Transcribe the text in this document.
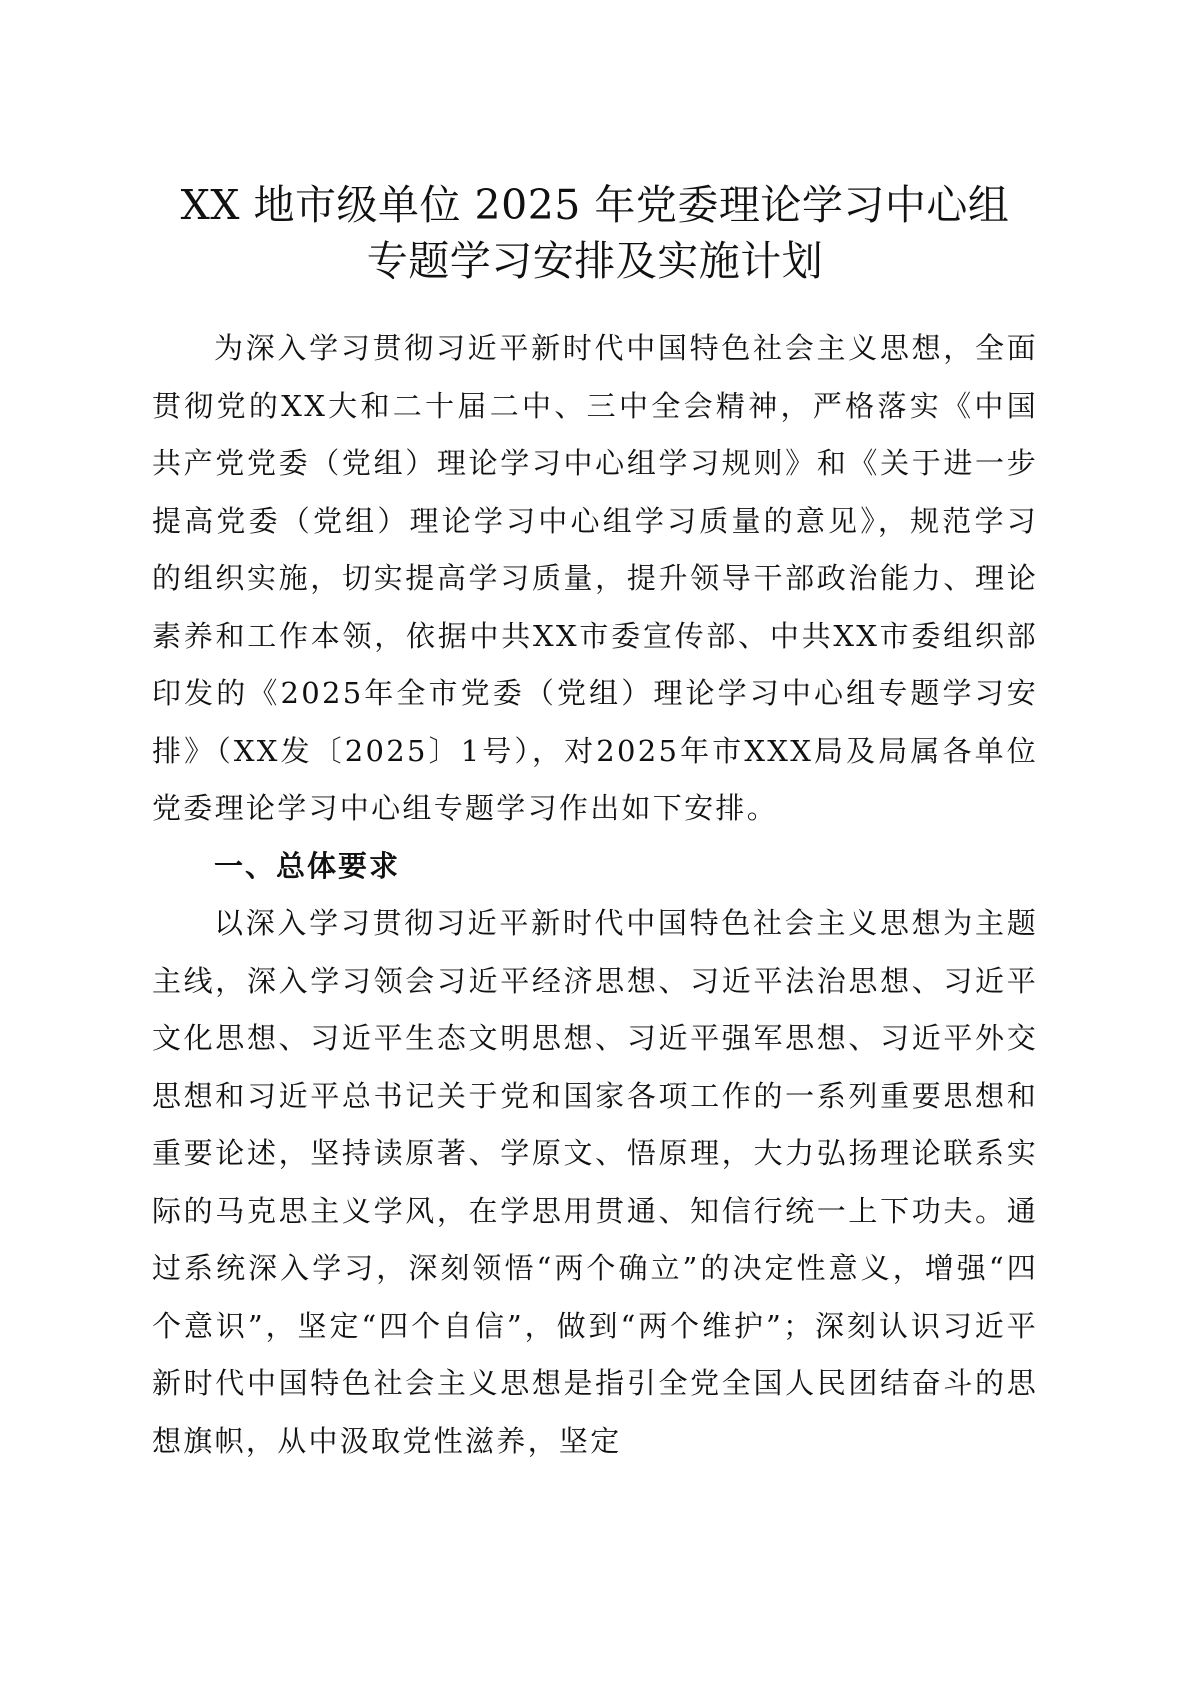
XX 地市级单位 2025 年党委理论学习中心组
专题学习安排及实施计划

为深入学习贯彻习近平新时代中国特色社会主义思想，全面贯彻党的XX大和二十届二中、三中全会精神，严格落实《中国共产党党委（党组）理论学习中心组学习规则》和《关于进一步提高党委（党组）理论学习中心组学习质量的意见》，规范学习的组织实施，切实提高学习质量，提升领导干部政治能力、理论素养和工作本领，依据中共XX市委宣传部、中共XX市委组织部印发的《2025年全市党委（党组）理论学习中心组专题学习安排》（XX发〔2025〕1号），对2025年市XXX局及局属各单位党委理论学习中心组专题学习作出如下安排。

一、总体要求

以深入学习贯彻习近平新时代中国特色社会主义思想为主题主线，深入学习领会习近平经济思想、习近平法治思想、习近平文化思想、习近平生态文明思想、习近平强军思想、习近平外交思想和习近平总书记关于党和国家各项工作的一系列重要思想和重要论述，坚持读原著、学原文、悟原理，大力弘扬理论联系实际的马克思主义学风，在学思用贯通、知信行统一上下功夫。通过系统深入学习，深刻领悟“两个确立”的决定性意义，增强“四个意识”，坚定“四个自信”，做到“两个维护”；深刻认识习近平新时代中国特色社会主义思想是指引全党全国人民团结奋斗的思想旗帜，从中汲取党性滋养，坚定
